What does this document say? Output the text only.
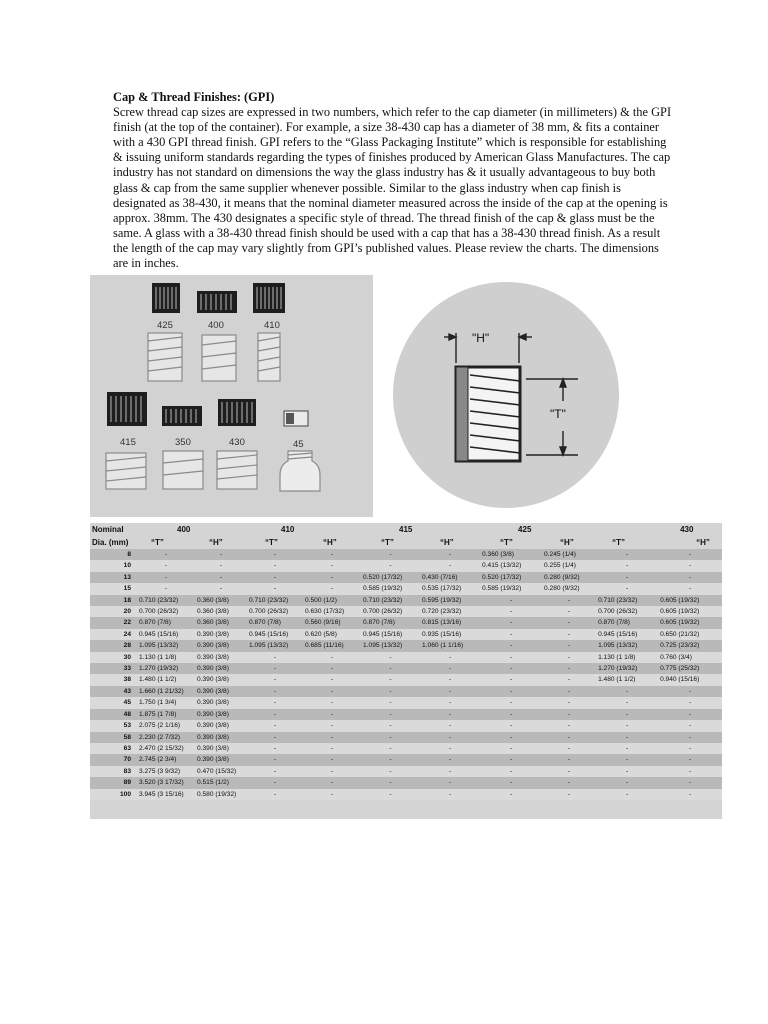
Cap & Thread Finishes: (GPI)
Screw thread cap sizes are expressed in two numbers, which refer to the cap diameter (in millimeters) & the GPI finish (at the top of the container). For example, a size 38-430 cap has a diameter of 38 mm, & fits a container with a 430 GPI thread finish. GPI refers to the “Glass Packaging Institute” which is responsible for establishing & issuing uniform standards regarding the types of finishes produced by American Glass Manufactures. The cap industry has not standard on dimensions the way the glass industry has & it usually advantageous to buy both glass & cap from the same supplier whenever possible. Similar to the glass industry when cap finish is designated as 38-430, it means that the nominal diameter measured across the inside of the cap at the opening is approx. 38mm. The 430 designates a specific style of thread. The thread finish of the cap & glass must be the same. A glass with a 38-430 thread finish should be used with a cap that has a 38-430 thread finish. As a result the length of the cap may vary slightly from GPI’s published values. Please review the charts. The dimensions are in inches.
425	400	410
415	350	430	45
"H"
"T"
Nominal	400		410		415		425		430	
Dia. (mm)	“T”	“H”	“T”	“H”	“T”	“H”	“T”	“H”	“T”	“H”
8	-	-	-	-	-	-	0.360 (3/8)	0.245 (1/4)	-	-
10	-	-	-	-	-	-	0.415 (13/32)	0.255 (1/4)	-	-
13	-	-	-	-	0.520 (17/32)	0.430 (7/16)	0.520 (17/32)	0.280 (9/32)	-	-
15	-	-	-	-	0.585 (19/32)	0.535 (17/32)	0.585 (19/32)	0.280 (9/32)	-	-
18	0.710 (23/32)	0.360 (3/8)	0.710 (23/32)	0.500 (1/2)	0.710 (23/32)	0.595 (19/32)	-	-	0.710 (23/32)	0.605 (19/32)
20	0.700 (26/32)	0.360 (3/8)	0.700 (26/32)	0.630 (17/32)	0.700 (26/32)	0.720 (23/32)	-	-	0.700 (26/32)	0.605 (19/32)
22	0.870 (7/8)	0.360 (3/8)	0.870 (7/8)	0.560 (9/16)	0.870 (7/8)	0.815 (13/16)	-	-	0.870 (7/8)	0.605 (19/32)
24	0.945 (15/16)	0.390 (3/8)	0.945 (15/16)	0.620 (5/8)	0.945 (15/16)	0.935 (15/16)	-	-	0.945 (15/16)	0.650 (21/32)
28	1.095 (13/32)	0.390 (3/8)	1.095 (13/32)	0.685 (11/16)	1.095 (13/32)	1.060 (1 1/16)	-	-	1.095 (13/32)	0.725 (23/32)
30	1.130 (1 1/8)	0.390 (3/8)	-	-	-	-	-	-	1.130 (1 1/8)	0.760 (3/4)
33	1.270 (19/32)	0.390 (3/8)	-	-	-	-	-	-	1.270 (19/32)	0.775 (25/32)
38	1.480 (1 1/2)	0.390 (3/8)	-	-	-	-	-	-	1.480 (1 1/2)	0.940 (15/16)
43	1.660 (1 21/32)	0.390 (3/8)	-	-	-	-	-	-	-	-
45	1.750 (1 3/4)	0.390 (3/8)	-	-	-	-	-	-	-	-
48	1.875 (1 7/8)	0.390 (3/8)	-	-	-	-	-	-	-	-
53	2.075 (2 1/16)	0.390 (3/8)	-	-	-	-	-	-	-	-
58	2.230 (2 7/32)	0.390 (3/8)	-	-	-	-	-	-	-	-
63	2.470 (2 15/32)	0.390 (3/8)	-	-	-	-	-	-	-	-
70	2.745 (2 3/4)	0.390 (3/8)	-	-	-	-	-	-	-	-
83	3.275 (3 9/32)	0.470 (15/32)	-	-	-	-	-	-	-	-
89	3.520 (3 17/32)	0.515 (1/2)	-	-	-	-	-	-	-	-
100	3.945 (3 15/16)	0.580 (19/32)	-	-	-	-	-	-	-	-
